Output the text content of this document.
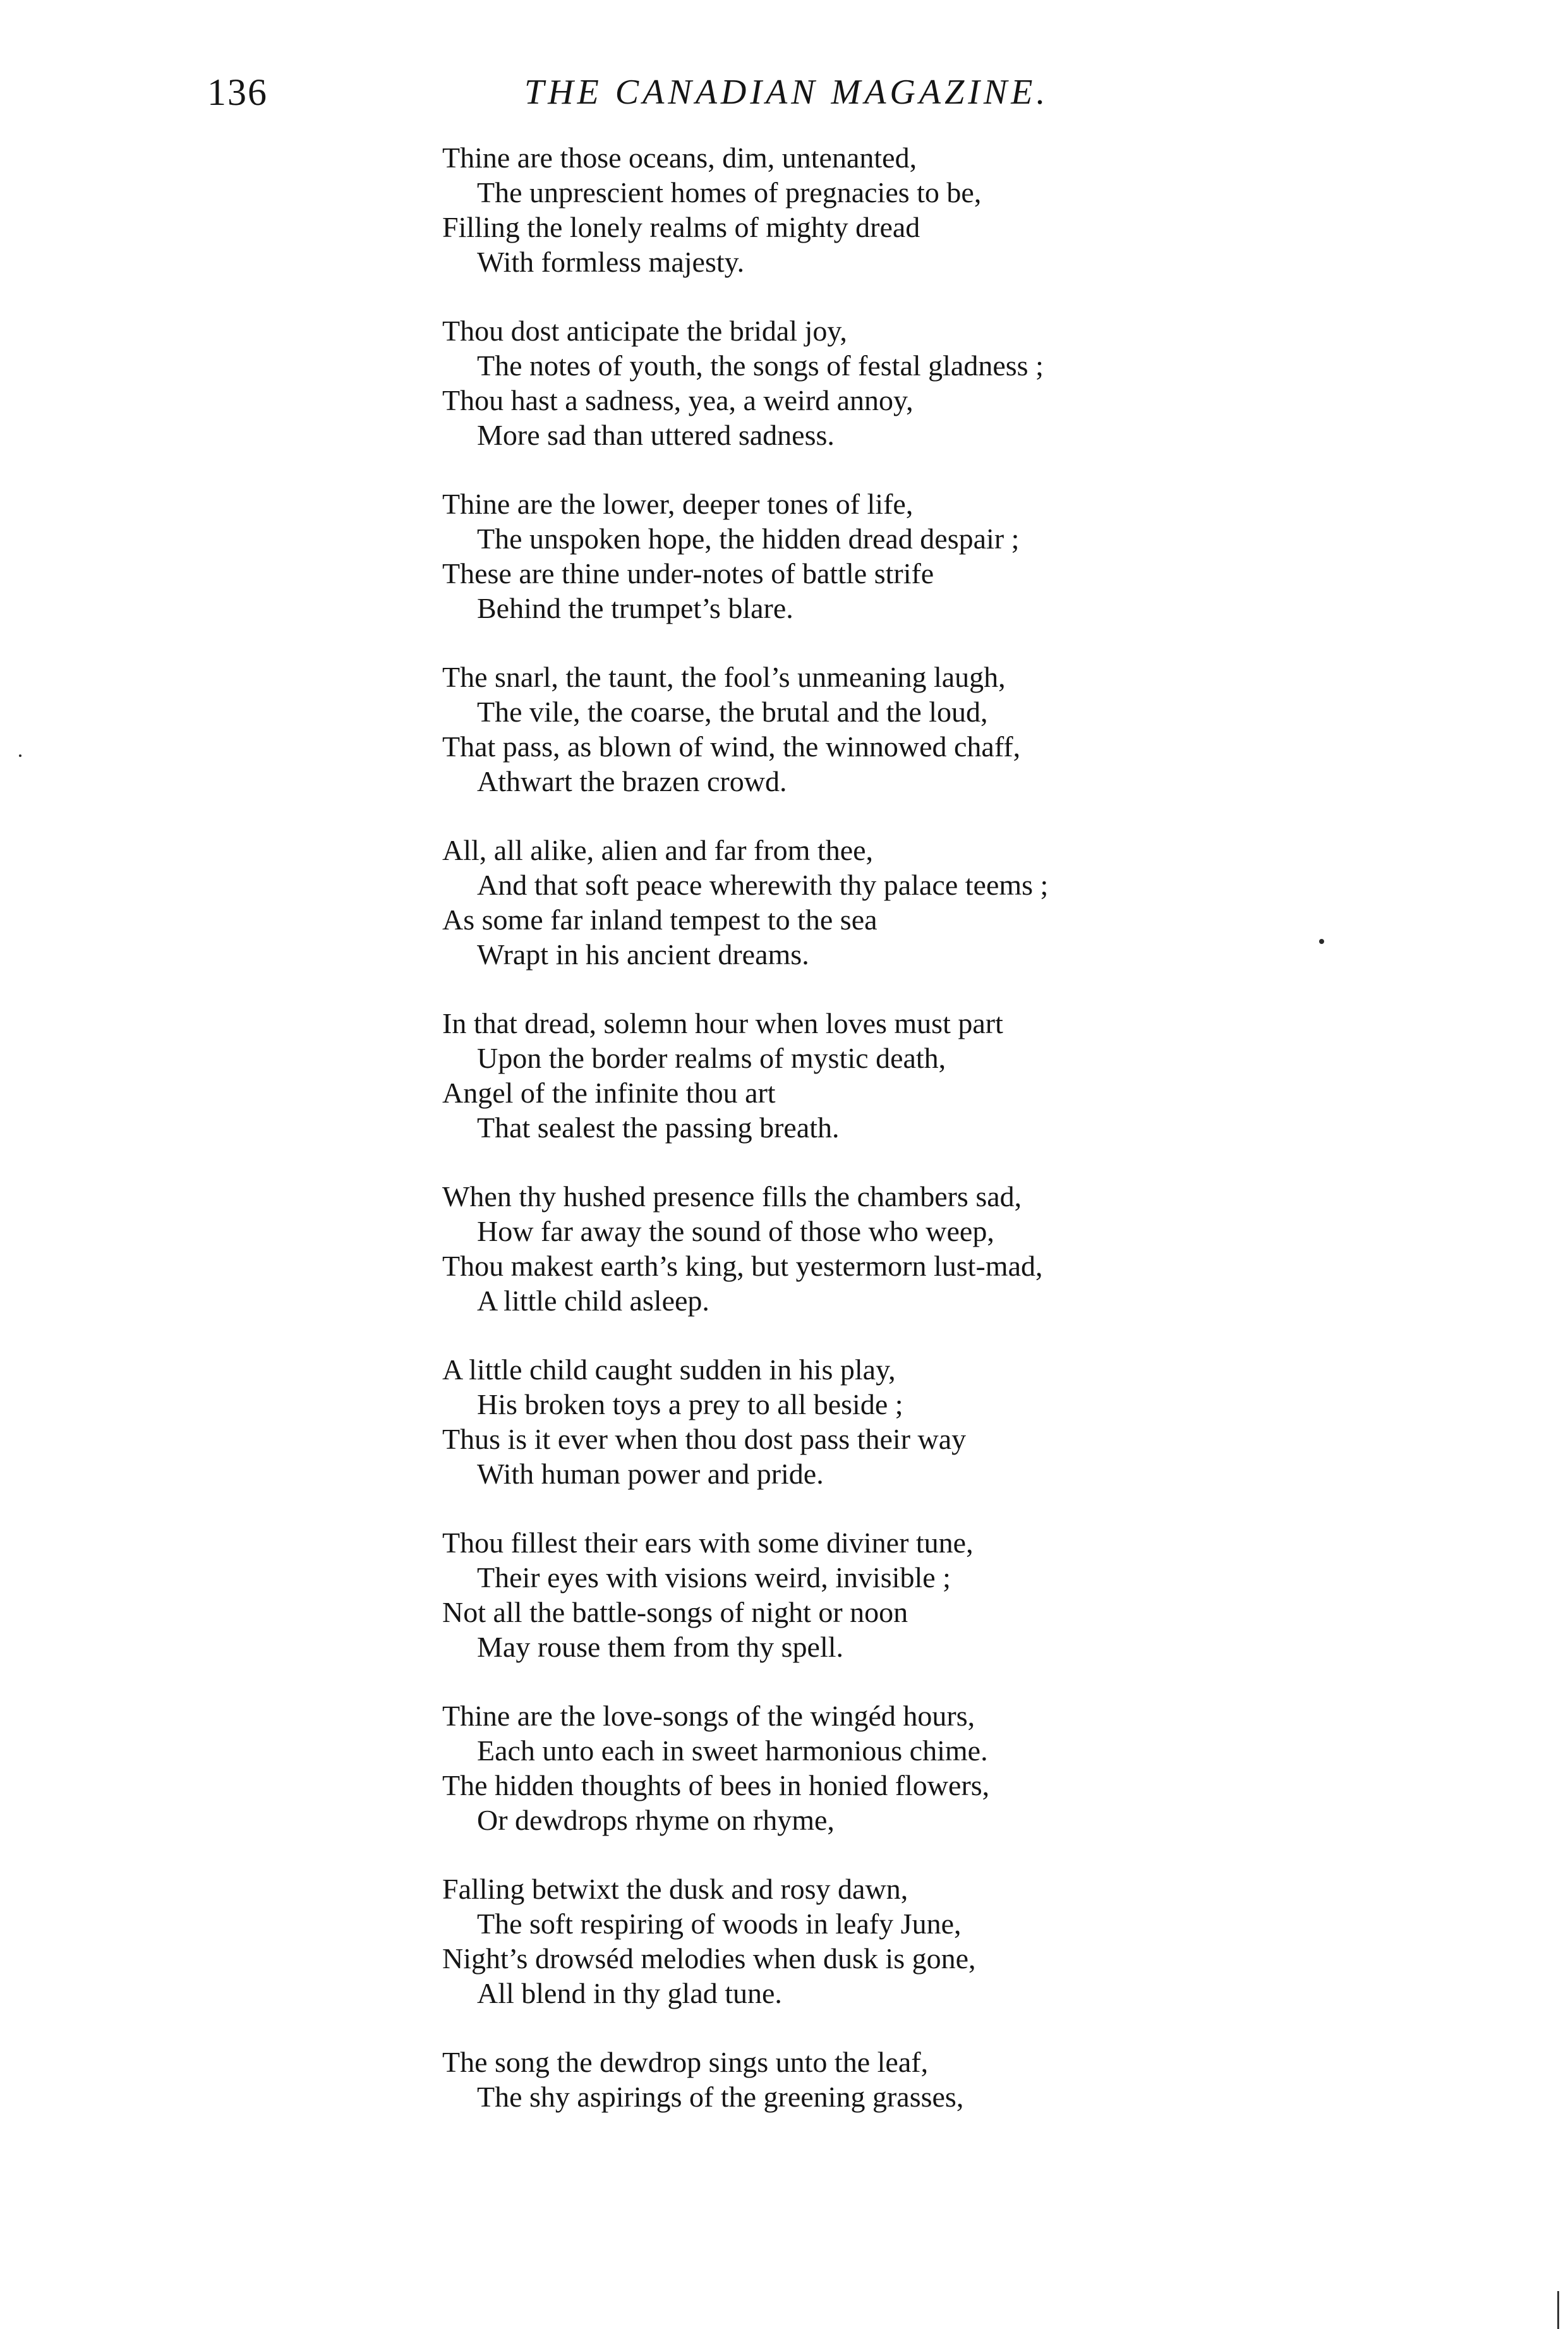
136	THE CANADIAN MAGAZINE.
Thine are those oceans, dim, untenanted,
The unprescient homes of pregnacies to be,
Filling the lonely realms of mighty dread
With formless majesty.
Thou dost anticipate the bridal joy,
The notes of youth, the songs of festal gladness ;
Thou hast a sadness, yea, a weird annoy,
More sad than uttered sadness.
Thine are the lower, deeper tones of life,
The unspoken hope, the hidden dread despair ;
These are thine under-notes of battle strife
Behind the trumpet’s blare.
The snarl, the taunt, the fool’s unmeaning laugh,
The vile, the coarse, the brutal and the loud,
That pass, as blown of wind, the winnowed chaff,
Athwart the brazen crowd.
All, all alike, alien and far from thee,
And that soft peace wherewith thy palace teems ;
As some far inland tempest to the sea
Wrapt in his ancient dreams.
In that dread, solemn hour when loves must part
Upon the border realms of mystic death,
Angel of the infinite thou art
That sealest the passing breath.
When thy hushed presence fills the chambers sad,
How far away the sound of those who weep,
Thou makest earth’s king, but yestermorn lust-mad,
A little child asleep.
A little child caught sudden in his play,
His broken toys a prey to all beside ;
Thus is it ever when thou dost pass their way
With human power and pride.
Thou fillest their ears with some diviner tune,
Their eyes with visions weird, invisible ;
Not all the battle-songs of night or noon
May rouse them from thy spell.
Thine are the love-songs of the wingéd hours,
Each unto each in sweet harmonious chime.
The hidden thoughts of bees in honied flowers,
Or dewdrops rhyme on rhyme,
Falling betwixt the dusk and rosy dawn,
The soft respiring of woods in leafy June,
Night’s drowséd melodies when dusk is gone,
All blend in thy glad tune.
The song the dewdrop sings unto the leaf,
The shy aspirings of the greening grasses,
